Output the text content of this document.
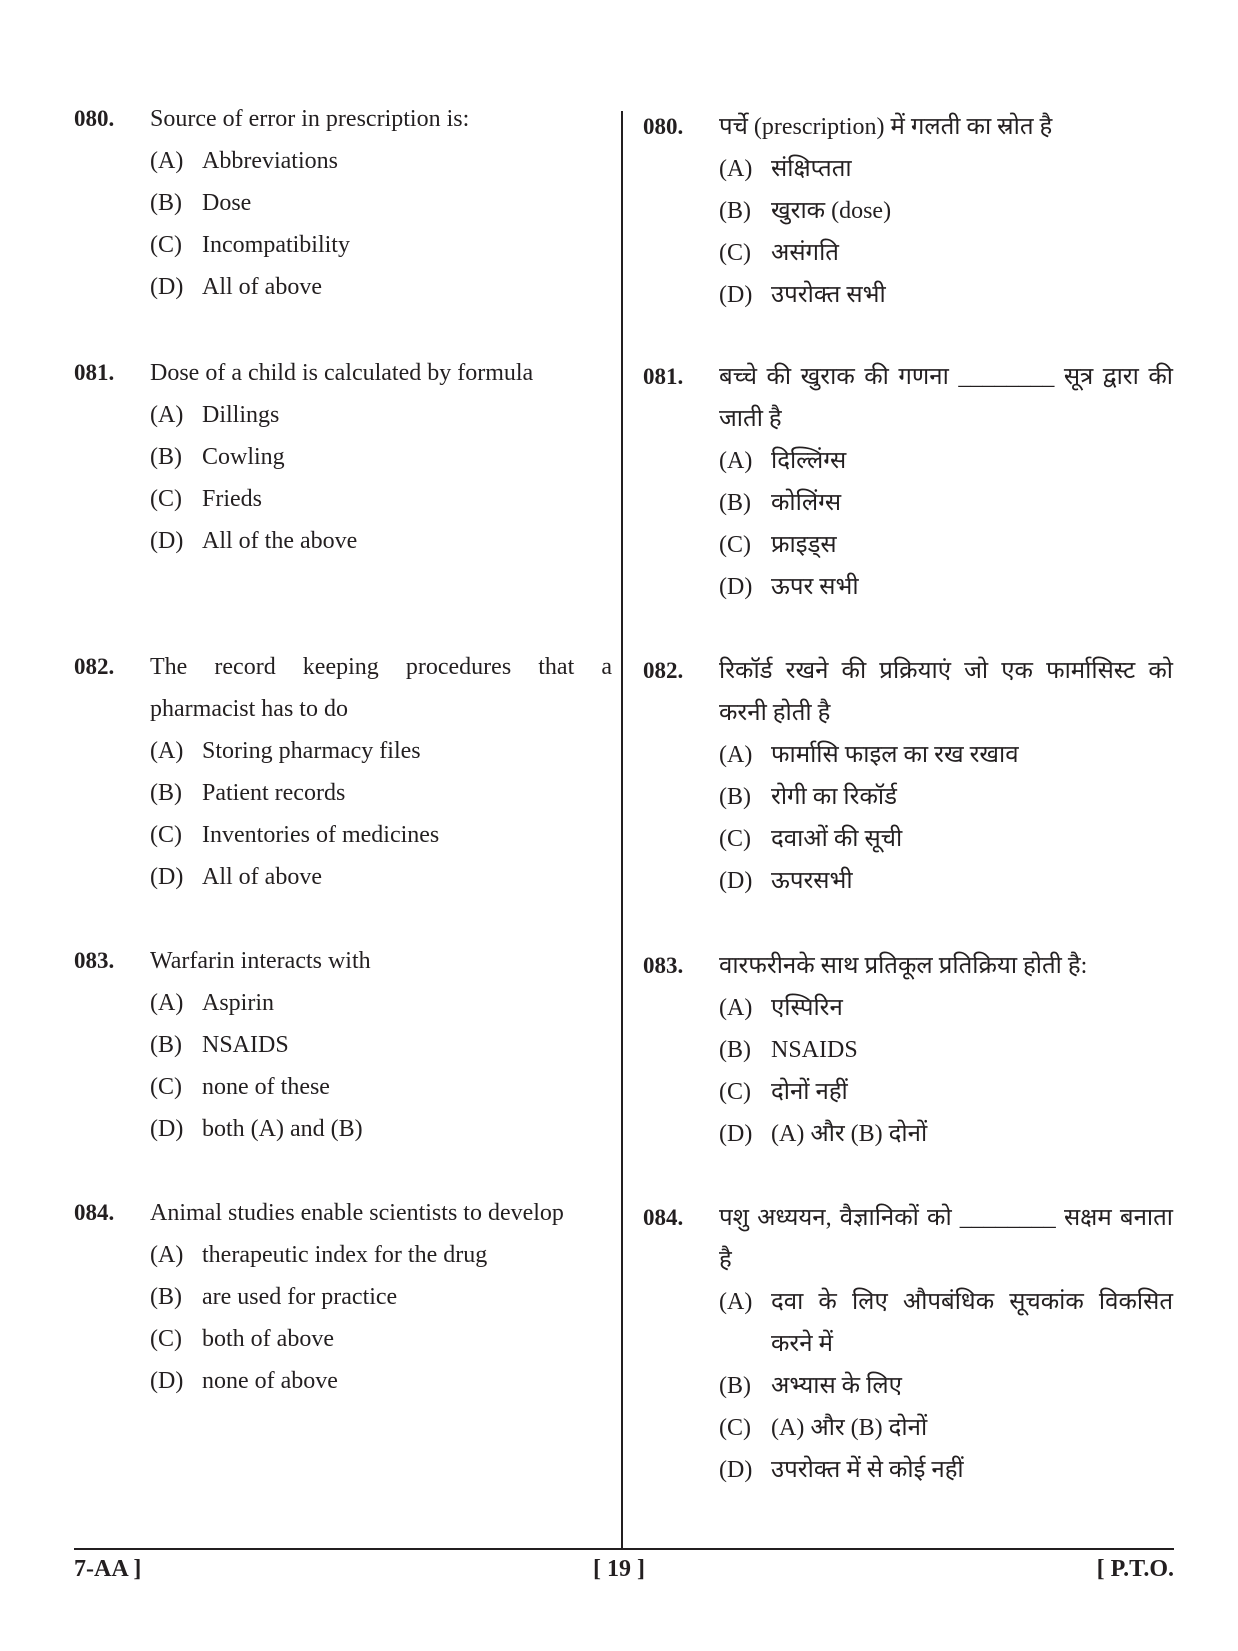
080. Source of error in prescription is:
(A) Abbreviations
(B) Dose
(C) Incompatibility
(D) All of above
081. Dose of a child is calculated by formula
(A) Dillings
(B) Cowling
(C) Frieds
(D) All of the above
082. The record keeping procedures that a pharmacist has to do
(A) Storing pharmacy files
(B) Patient records
(C) Inventories of medicines
(D) All of above
083. Warfarin interacts with
(A) Aspirin
(B) NSAIDS
(C) none of these
(D) both (A) and (B)
084. Animal studies enable scientists to develop
(A) therapeutic index for the drug
(B) are used for practice
(C) both of above
(D) none of above
080. पर्चे (prescription) में गलती का स्रोत है
(A) संक्षिप्तता
(B) खुराक (dose)
(C) असंगति
(D) उपरोक्त सभी
081. बच्चे की खुराक की गणना ________ सूत्र द्वारा की जाती है
(A) दिल्लिंग्स
(B) कोलिंग्स
(C) फ्राइड्स
(D) ऊपर सभी
082. रिकॉर्ड रखने की प्रक्रियाएं जो एक फार्मासिस्ट को करनी होती है
(A) फार्मासि फाइल का रख रखाव
(B) रोगी का रिकॉर्ड
(C) दवाओं की सूची
(D) ऊपरसभी
083. वारफरीनके साथ प्रतिकूल प्रतिक्रिया होती है:
(A) एस्पिरिन
(B) NSAIDS
(C) दोनों नहीं
(D) (A) और (B) दोनों
084. पशु अध्ययन, वैज्ञानिकों को ________ सक्षम बनाता है
(A) दवा के लिए औपबंधिक सूचकांक विकसित करने में
(B) अभ्यास के लिए
(C) (A) और (B) दोनों
(D) उपरोक्त में से कोई नहीं
7-AA ]	[ 19 ]	[ P.T.O.
